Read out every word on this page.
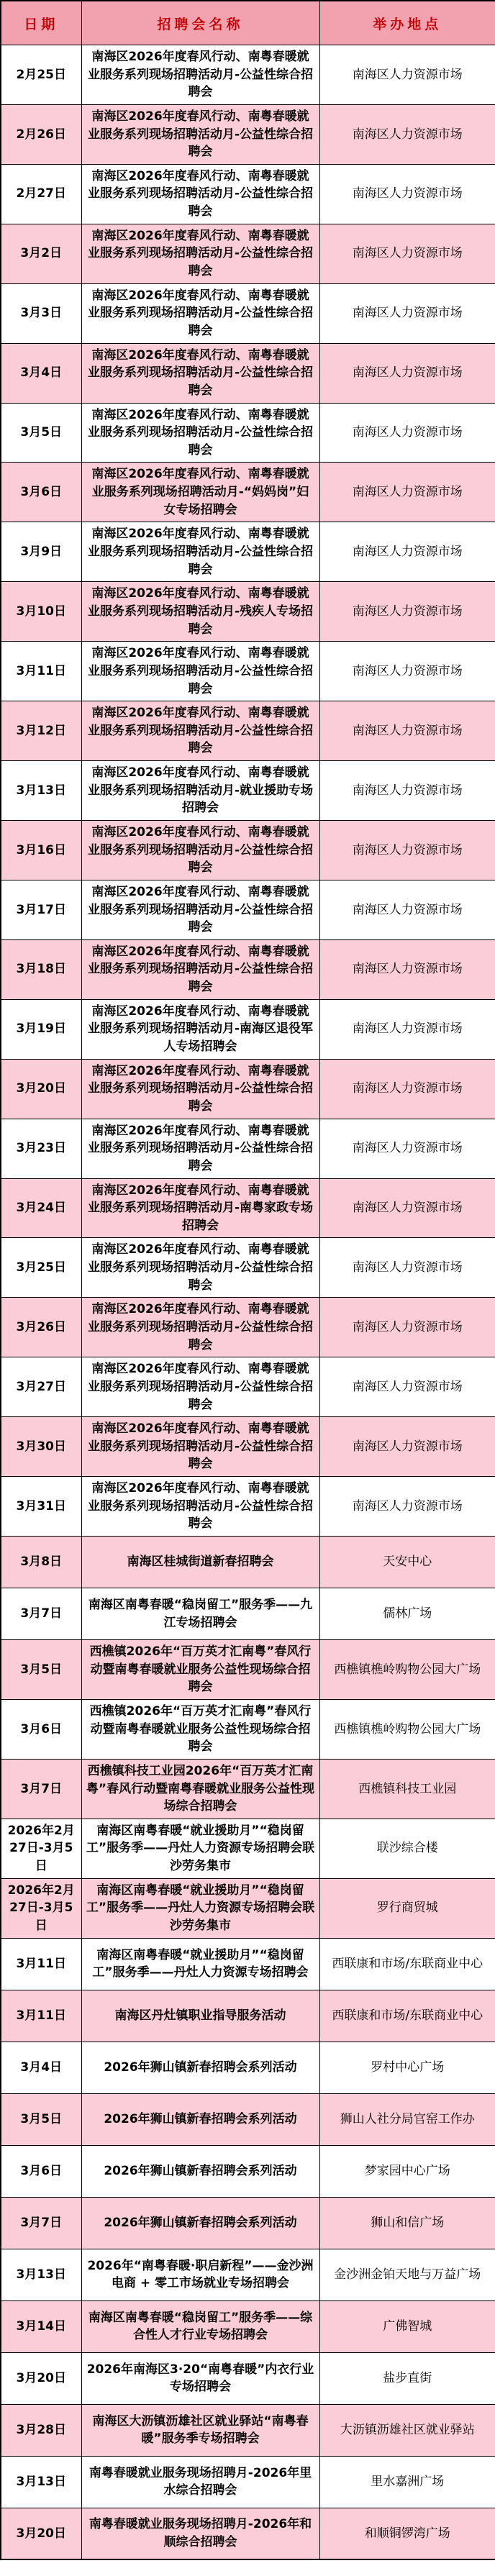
日期	招聘会名称	举办地点
2月25日	南海区2026年度春风行动、南粤春暖就业服务系列现场招聘活动月-公益性综合招聘会	南海区人力资源市场
2月26日	南海区2026年度春风行动、南粤春暖就业服务系列现场招聘活动月-公益性综合招聘会	南海区人力资源市场
2月27日	南海区2026年度春风行动、南粤春暖就业服务系列现场招聘活动月-公益性综合招聘会	南海区人力资源市场
3月2日	南海区2026年度春风行动、南粤春暖就业服务系列现场招聘活动月-公益性综合招聘会	南海区人力资源市场
3月3日	南海区2026年度春风行动、南粤春暖就业服务系列现场招聘活动月-公益性综合招聘会	南海区人力资源市场
3月4日	南海区2026年度春风行动、南粤春暖就业服务系列现场招聘活动月-公益性综合招聘会	南海区人力资源市场
3月5日	南海区2026年度春风行动、南粤春暖就业服务系列现场招聘活动月-公益性综合招聘会	南海区人力资源市场
3月6日	南海区2026年度春风行动、南粤春暖就业服务系列现场招聘活动月-“妈妈岗”妇女专场招聘会	南海区人力资源市场
3月9日	南海区2026年度春风行动、南粤春暖就业服务系列现场招聘活动月-公益性综合招聘会	南海区人力资源市场
3月10日	南海区2026年度春风行动、南粤春暖就业服务系列现场招聘活动月-残疾人专场招聘会	南海区人力资源市场
3月11日	南海区2026年度春风行动、南粤春暖就业服务系列现场招聘活动月-公益性综合招聘会	南海区人力资源市场
3月12日	南海区2026年度春风行动、南粤春暖就业服务系列现场招聘活动月-公益性综合招聘会	南海区人力资源市场
3月13日	南海区2026年度春风行动、南粤春暖就业服务系列现场招聘活动月-就业援助专场招聘会	南海区人力资源市场
3月16日	南海区2026年度春风行动、南粤春暖就业服务系列现场招聘活动月-公益性综合招聘会	南海区人力资源市场
3月17日	南海区2026年度春风行动、南粤春暖就业服务系列现场招聘活动月-公益性综合招聘会	南海区人力资源市场
3月18日	南海区2026年度春风行动、南粤春暖就业服务系列现场招聘活动月-公益性综合招聘会	南海区人力资源市场
3月19日	南海区2026年度春风行动、南粤春暖就业服务系列现场招聘活动月-南海区退役军人专场招聘会	南海区人力资源市场
3月20日	南海区2026年度春风行动、南粤春暖就业服务系列现场招聘活动月-公益性综合招聘会	南海区人力资源市场
3月23日	南海区2026年度春风行动、南粤春暖就业服务系列现场招聘活动月-公益性综合招聘会	南海区人力资源市场
3月24日	南海区2026年度春风行动、南粤春暖就业服务系列现场招聘活动月-南粤家政专场招聘会	南海区人力资源市场
3月25日	南海区2026年度春风行动、南粤春暖就业服务系列现场招聘活动月-公益性综合招聘会	南海区人力资源市场
3月26日	南海区2026年度春风行动、南粤春暖就业服务系列现场招聘活动月-公益性综合招聘会	南海区人力资源市场
3月27日	南海区2026年度春风行动、南粤春暖就业服务系列现场招聘活动月-公益性综合招聘会	南海区人力资源市场
3月30日	南海区2026年度春风行动、南粤春暖就业服务系列现场招聘活动月-公益性综合招聘会	南海区人力资源市场
3月31日	南海区2026年度春风行动、南粤春暖就业服务系列现场招聘活动月-公益性综合招聘会	南海区人力资源市场
3月8日	南海区桂城街道新春招聘会	天安中心
3月7日	南海区南粤春暖“稳岗留工”服务季——九江专场招聘会	儒林广场
3月5日	西樵镇2026年“百万英才汇南粤”春风行动暨南粤春暖就业服务公益性现场综合招聘会	西樵镇樵岭购物公园大广场
3月6日	西樵镇2026年“百万英才汇南粤”春风行动暨南粤春暖就业服务公益性现场综合招聘会	西樵镇樵岭购物公园大广场
3月7日	西樵镇科技工业园2026年“百万英才汇南粤”春风行动暨南粤春暖就业服务公益性现场综合招聘会	西樵镇科技工业园
2026年2月27日-3月5日	南海区南粤春暖“就业援助月”“稳岗留工”服务季——丹灶人力资源专场招聘会联沙劳务集市	联沙综合楼
2026年2月27日-3月5日	南海区南粤春暖“就业援助月”“稳岗留工”服务季——丹灶人力资源专场招聘会联沙劳务集市	罗行商贸城
3月11日	南海区南粤春暖“就业援助月”“稳岗留工”服务季——丹灶人力资源专场招聘会	西联康和市场/东联商业中心
3月11日	南海区丹灶镇职业指导服务活动	西联康和市场/东联商业中心
3月4日	2026年狮山镇新春招聘会系列活动	罗村中心广场
3月5日	2026年狮山镇新春招聘会系列活动	狮山人社分局官窑工作办
3月6日	2026年狮山镇新春招聘会系列活动	梦家园中心广场
3月7日	2026年狮山镇新春招聘会系列活动	狮山和信广场
3月13日	2026年“南粤春暖·职启新程”——金沙洲电商 + 零工市场就业专场招聘会	金沙洲金铂天地与万益广场
3月14日	南海区南粤春暖“稳岗留工”服务季——综合性人才行业专场招聘会	广佛智城
3月20日	2026年南海区3·20“南粤春暖”内衣行业专场招聘会	盐步直街
3月28日	南海区大沥镇沥雄社区就业驿站“南粤春暖”服务季专场招聘会	大沥镇沥雄社区就业驿站
3月13日	南粤春暖就业服务现场招聘月-2026年里水综合招聘会	里水嘉洲广场
3月20日	南粤春暖就业服务现场招聘月-2026年和顺综合招聘会	和顺铜锣湾广场
